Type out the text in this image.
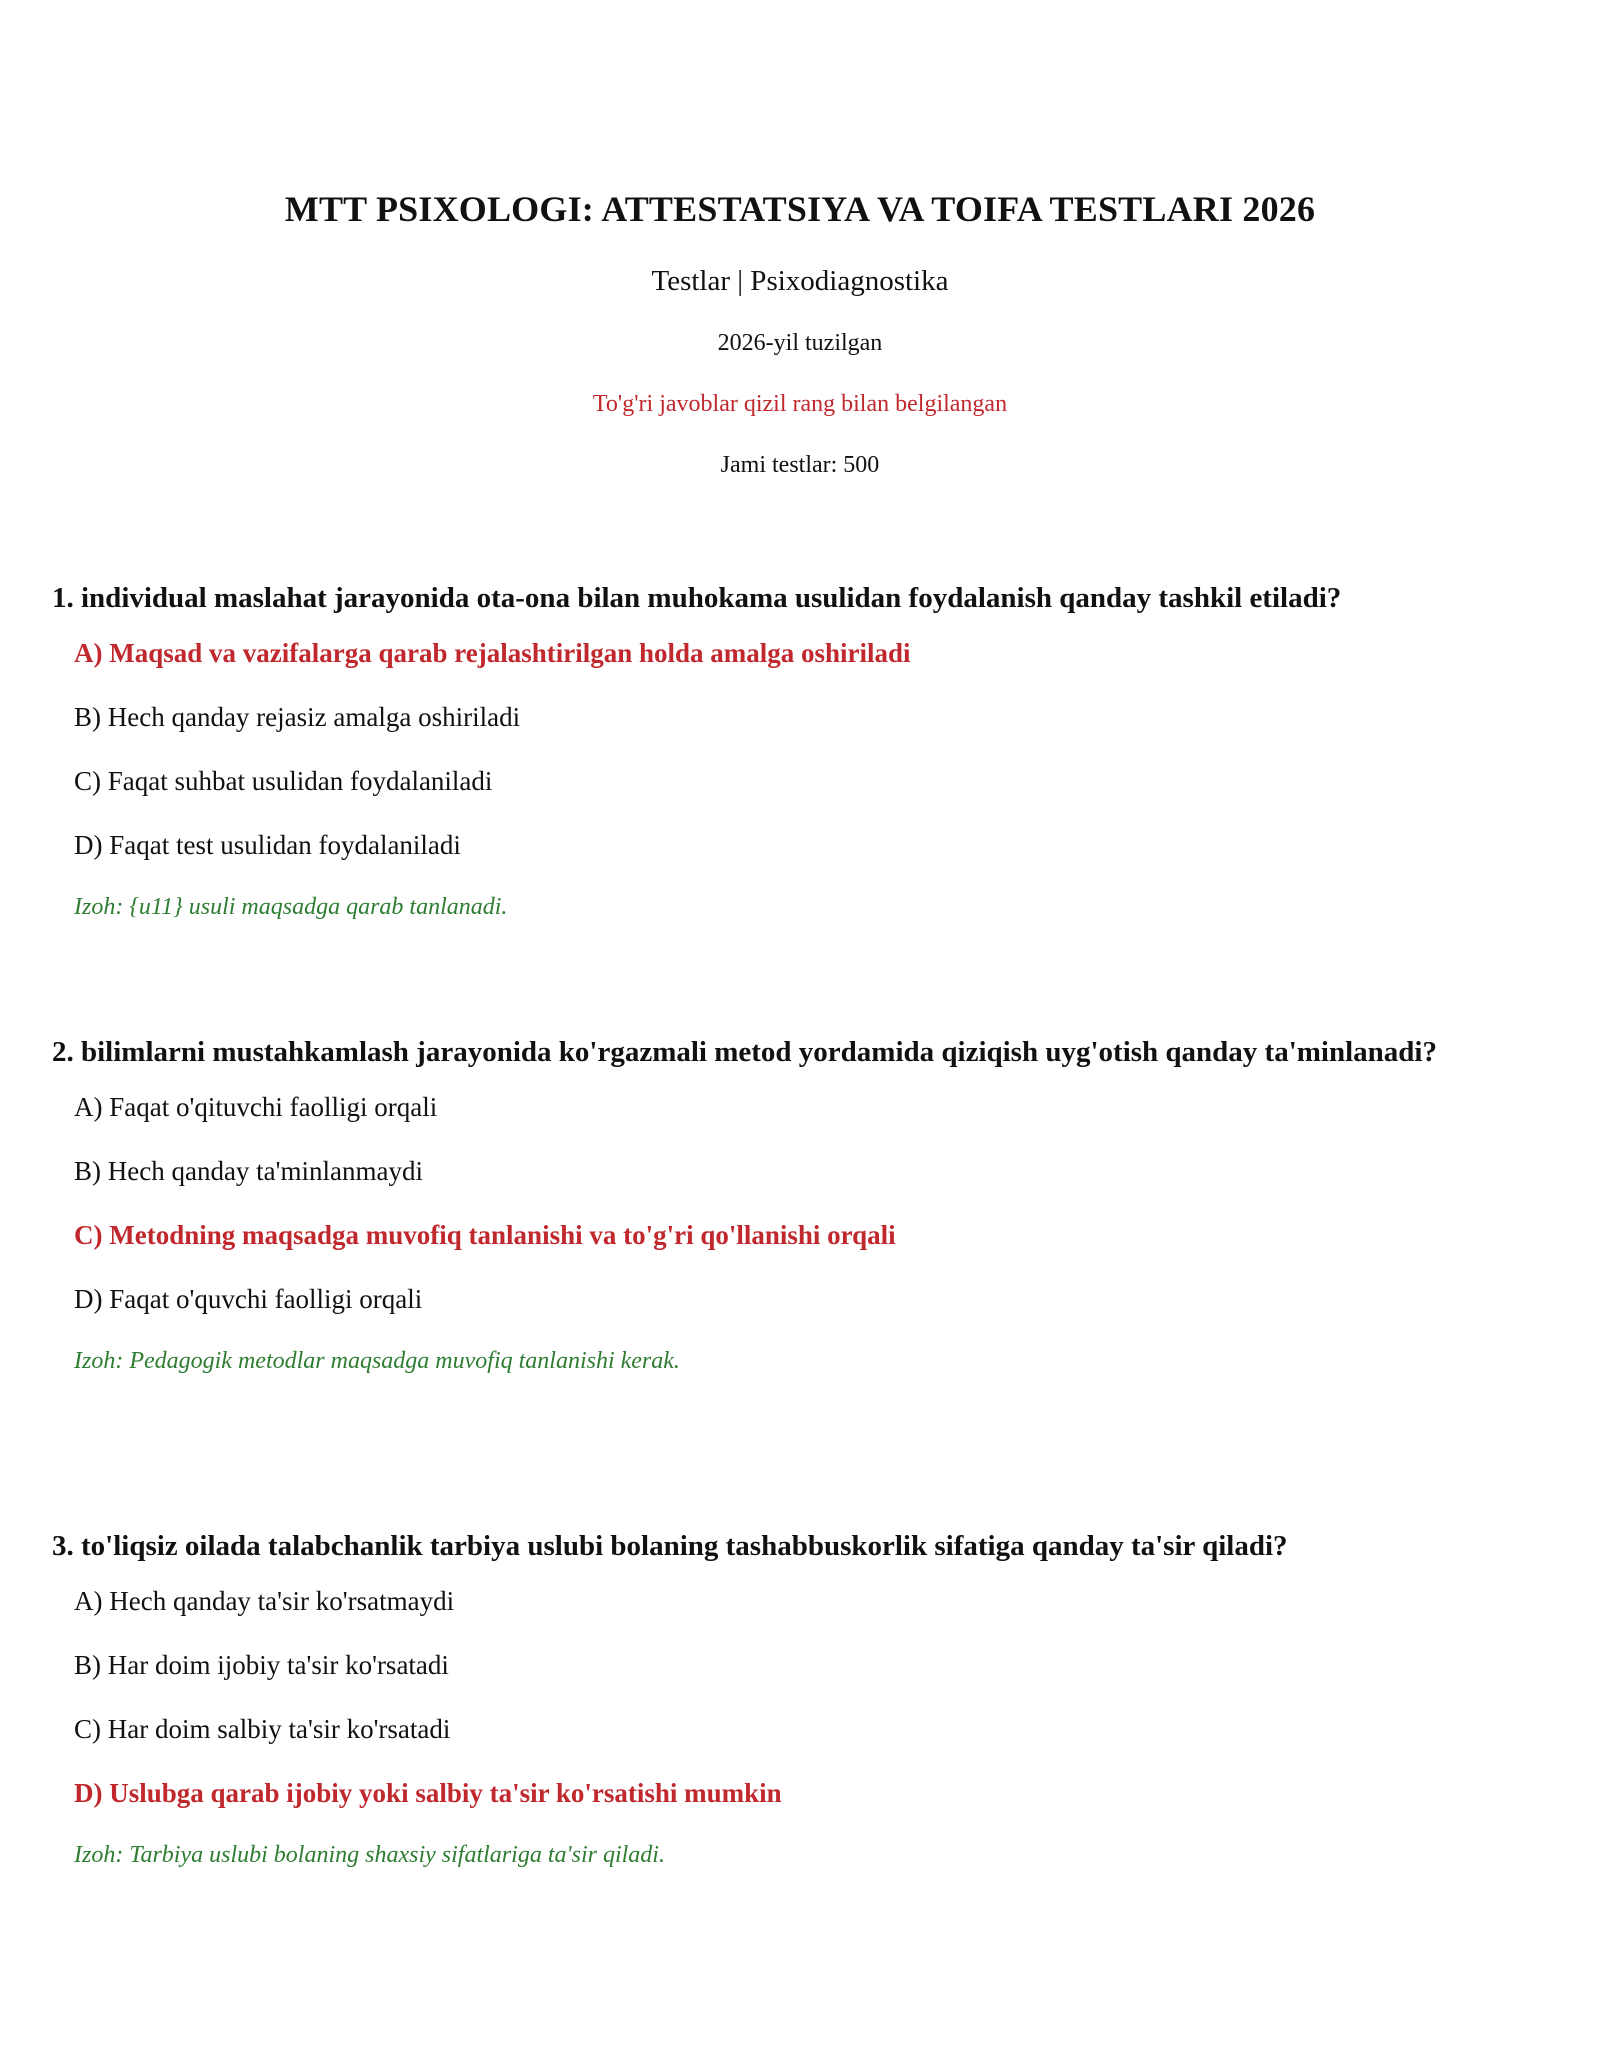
MTT PSIXOLOGI: ATTESTATSIYA VA TOIFA TESTLARI 2026
Testlar | Psixodiagnostika
2026-yil tuzilgan
To'g'ri javoblar qizil rang bilan belgilangan
Jami testlar: 500
1. individual maslahat jarayonida ota-ona bilan muhokama usulidan foydalanish qanday tashkil etiladi?
A) Maqsad va vazifalarga qarab rejalashtirilgan holda amalga oshiriladi
B) Hech qanday rejasiz amalga oshiriladi
C) Faqat suhbat usulidan foydalaniladi
D) Faqat test usulidan foydalaniladi
Izoh: {u11} usuli maqsadga qarab tanlanadi.
2. bilimlarni mustahkamlash jarayonida ko'rgazmali metod yordamida qiziqish uyg'otish qanday ta'minlanadi?
A) Faqat o'qituvchi faolligi orqali
B) Hech qanday ta'minlanmaydi
C) Metodning maqsadga muvofiq tanlanishi va to'g'ri qo'llanishi orqali
D) Faqat o'quvchi faolligi orqali
Izoh: Pedagogik metodlar maqsadga muvofiq tanlanishi kerak.
3. to'liqsiz oilada talabchanlik tarbiya uslubi bolaning tashabbuskorlik sifatiga qanday ta'sir qiladi?
A) Hech qanday ta'sir ko'rsatmaydi
B) Har doim ijobiy ta'sir ko'rsatadi
C) Har doim salbiy ta'sir ko'rsatadi
D) Uslubga qarab ijobiy yoki salbiy ta'sir ko'rsatishi mumkin
Izoh: Tarbiya uslubi bolaning shaxsiy sifatlariga ta'sir qiladi.
